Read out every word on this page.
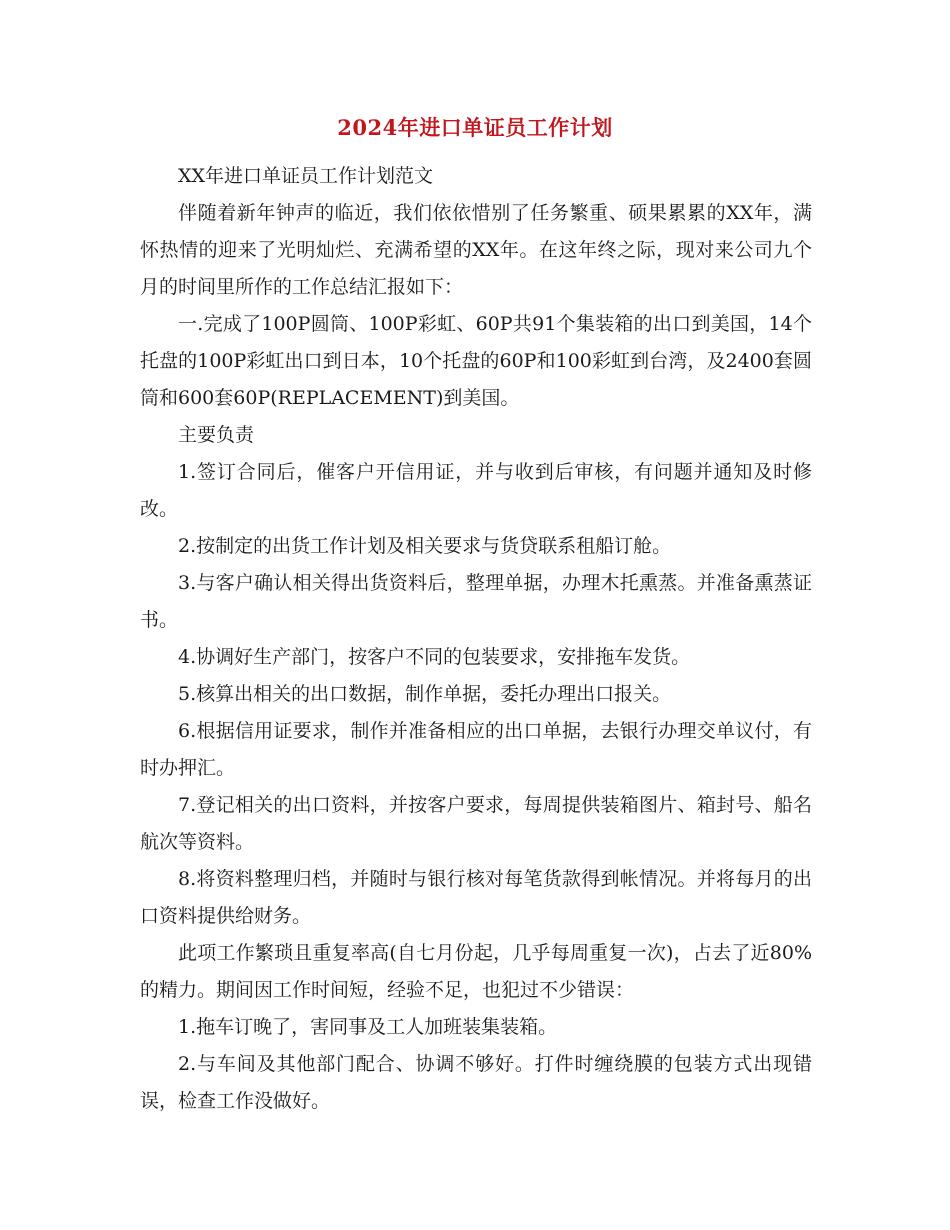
2024年进口单证员工作计划

XX年进口单证员工作计划范文

伴随着新年钟声的临近，我们依依惜别了任务繁重、硕果累累的XX年，满怀热情的迎来了光明灿烂、充满希望的XX年。在这年终之际，现对来公司九个月的时间里所作的工作总结汇报如下：

一.完成了100P圆筒、100P彩虹、60P共91个集装箱的出口到美国，14个托盘的100P彩虹出口到日本，10个托盘的60P和100彩虹到台湾，及2400套圆筒和600套60P(REPLACEMENT)到美国。

主要负责

1.签订合同后，催客户开信用证，并与收到后审核，有问题并通知及时修改。

2.按制定的出货工作计划及相关要求与货贷联系租船订舱。

3.与客户确认相关得出货资料后，整理单据，办理木托熏蒸。并准备熏蒸证书。

4.协调好生产部门，按客户不同的包装要求，安排拖车发货。

5.核算出相关的出口数据，制作单据，委托办理出口报关。

6.根据信用证要求，制作并准备相应的出口单据，去银行办理交单议付，有时办押汇。

7.登记相关的出口资料，并按客户要求，每周提供装箱图片、箱封号、船名航次等资料。

8.将资料整理归档，并随时与银行核对每笔货款得到帐情况。并将每月的出口资料提供给财务。

此项工作繁琐且重复率高(自七月份起，几乎每周重复一次)，占去了近80%的精力。期间因工作时间短，经验不足，也犯过不少错误：

1.拖车订晚了，害同事及工人加班装集装箱。

2.与车间及其他部门配合、协调不够好。打件时缠绕膜的包装方式出现错误，检查工作没做好。
